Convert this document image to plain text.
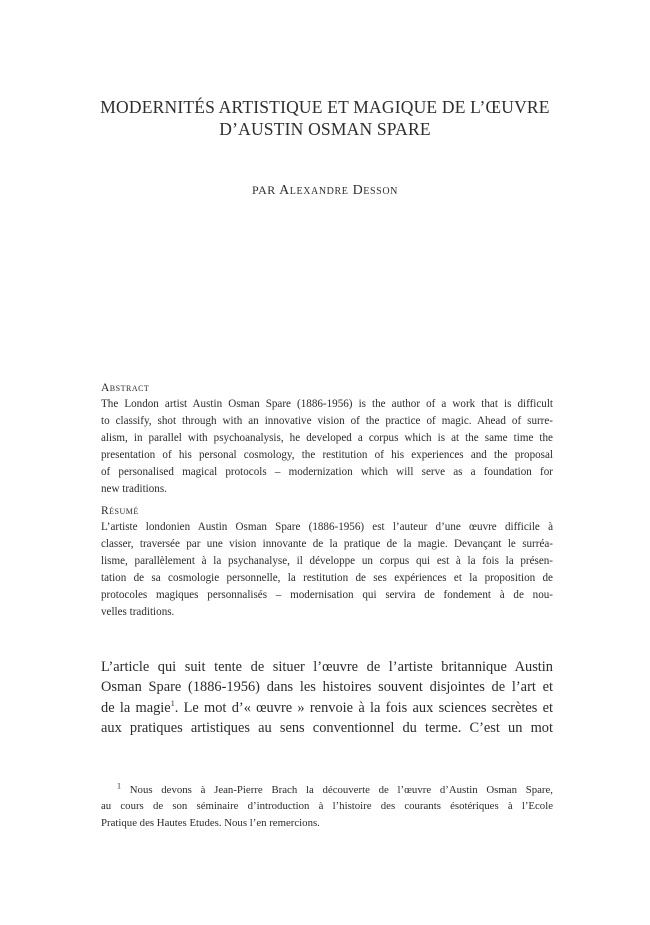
MODERNITÉS ARTISTIQUE ET MAGIQUE DE L’ŒUVRE
D’AUSTIN OSMAN SPARE
PAR Alexandre Desson
Abstract
The London artist Austin Osman Spare (1886-1956) is the author of a work that is difficult
to classify, shot through with an innovative vision of the practice of magic. Ahead of surre-
alism, in parallel with psychoanalysis, he developed a corpus which is at the same time the
presentation of his personal cosmology, the restitution of his experiences and the proposal
of personalised magical protocols – modernization which will serve as a foundation for
new traditions.
Résumé
L’artiste londonien Austin Osman Spare (1886-1956) est l’auteur d’une œuvre difficile à
classer, traversée par une vision innovante de la pratique de la magie. Devançant le surréa-
lisme, parallèlement à la psychanalyse, il développe un corpus qui est à la fois la présen-
tation de sa cosmologie personnelle, la restitution de ses expériences et la proposition de
protocoles magiques personnalisés – modernisation qui servira de fondement à de nou-
velles traditions.
L’article qui suit tente de situer l’œuvre de l’artiste britannique Austin
Osman Spare (1886-1956) dans les histoires souvent disjointes de l’art et
de la magie$^1$. Le mot d’« œuvre » renvoie à la fois aux sciences secrètes et
aux pratiques artistiques au sens conventionnel du terme. C’est un mot
$^1$ Nous devons à Jean-Pierre Brach la découverte de l’œuvre d’Austin Osman Spare,
au cours de son séminaire d’introduction à l’histoire des courants ésotériques à l’Ecole
Pratique des Hautes Etudes. Nous l’en remercions.
